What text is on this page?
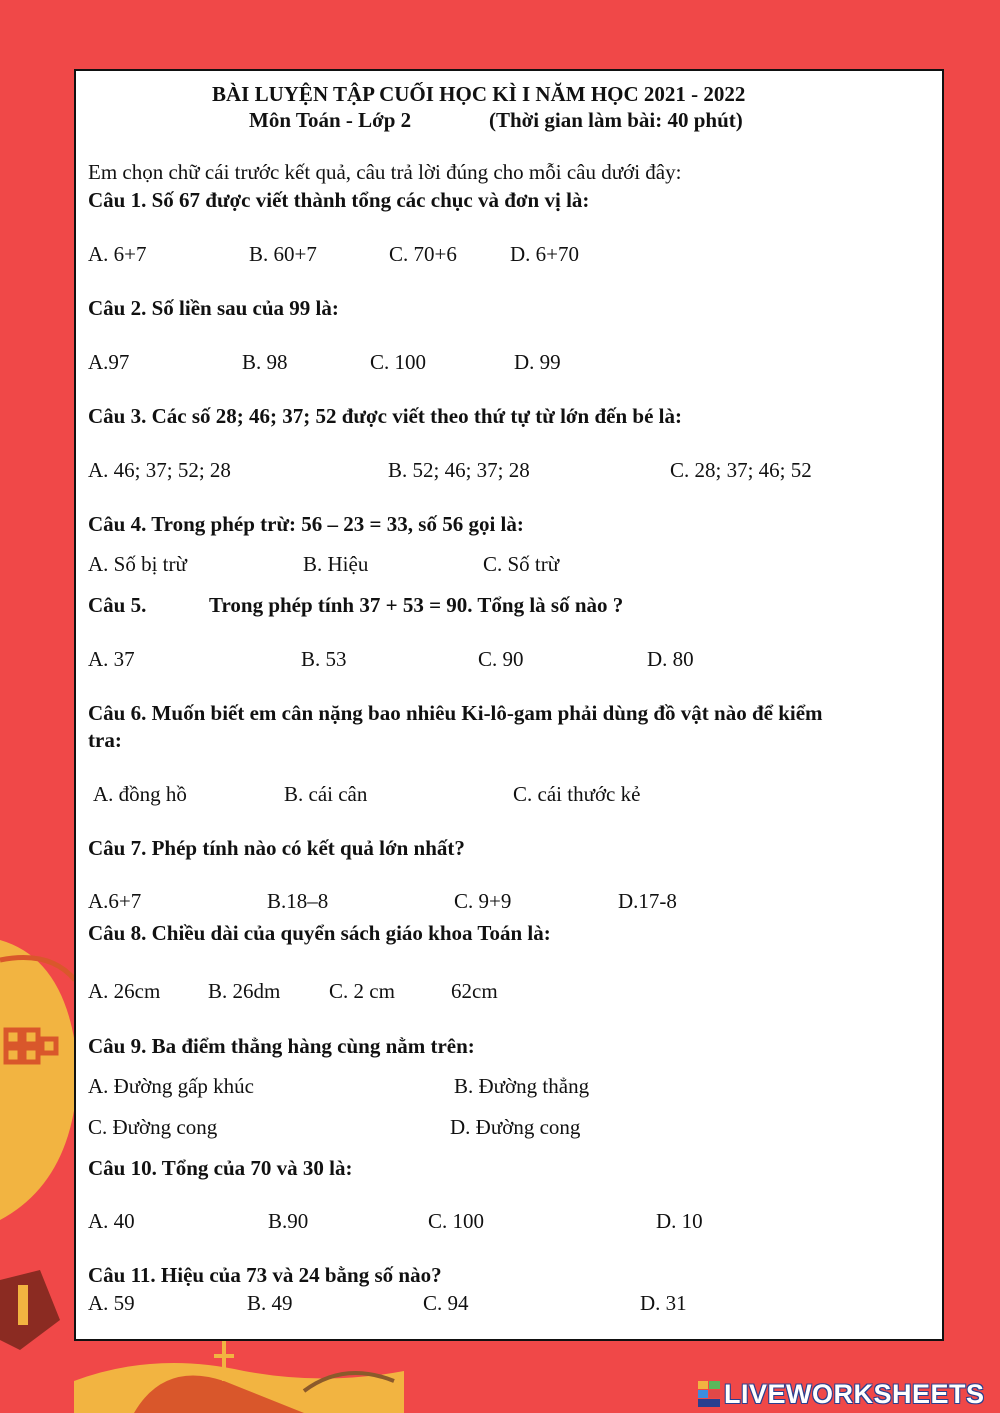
BÀI LUYỆN TẬP CUỐI HỌC KÌ I NĂM HỌC 2021 - 2022
Môn Toán - Lớp 2	(Thời gian làm bài: 40 phút)
Em chọn chữ cái trước kết quả, câu trả lời đúng cho mỗi câu dưới đây:
Câu 1. Số 67 được viết thành tổng các chục và đơn vị là:
A. 6+7	B. 60+7	C. 70+6	D. 6+70
Câu 2. Số liền sau của 99 là:
A.97	B. 98	C. 100	D. 99
Câu 3. Các số 28; 46; 37; 52 được viết theo thứ tự từ lớn đến bé là:
A. 46; 37; 52; 28	B. 52; 46; 37; 28	C. 28; 37; 46; 52
Câu 4. Trong phép trừ: 56 – 23 = 33, số 56 gọi là:
A. Số bị trừ	B. Hiệu	C. Số trừ
Câu 5.	Trong phép tính 37 + 53 = 90. Tổng là số nào ?
A. 37	B. 53	C. 90	D. 80
Câu 6. Muốn biết em cân nặng bao nhiêu Ki-lô-gam phải dùng đồ vật nào để kiểm
tra:
A. đồng hồ	B. cái cân	C. cái thước kẻ
Câu 7. Phép tính nào có kết quả lớn nhất?
A.6+7	B.18–8	C. 9+9	D.17-8
Câu 8. Chiều dài của quyển sách giáo khoa Toán là:
A. 26cm B. 26dm C. 2 cm	62cm
Câu 9. Ba điểm thẳng hàng cùng nằm trên:
A. Đường gấp khúc	B. Đường thẳng
C. Đường cong	D. Đường cong
Câu 10. Tổng của 70 và 30 là:
A. 40	B.90	C. 100	D. 10
Câu 11. Hiệu của 73 và 24 bằng số nào?
A. 59	B. 49	C. 94	D. 31
LIVEWORKSHEETS
